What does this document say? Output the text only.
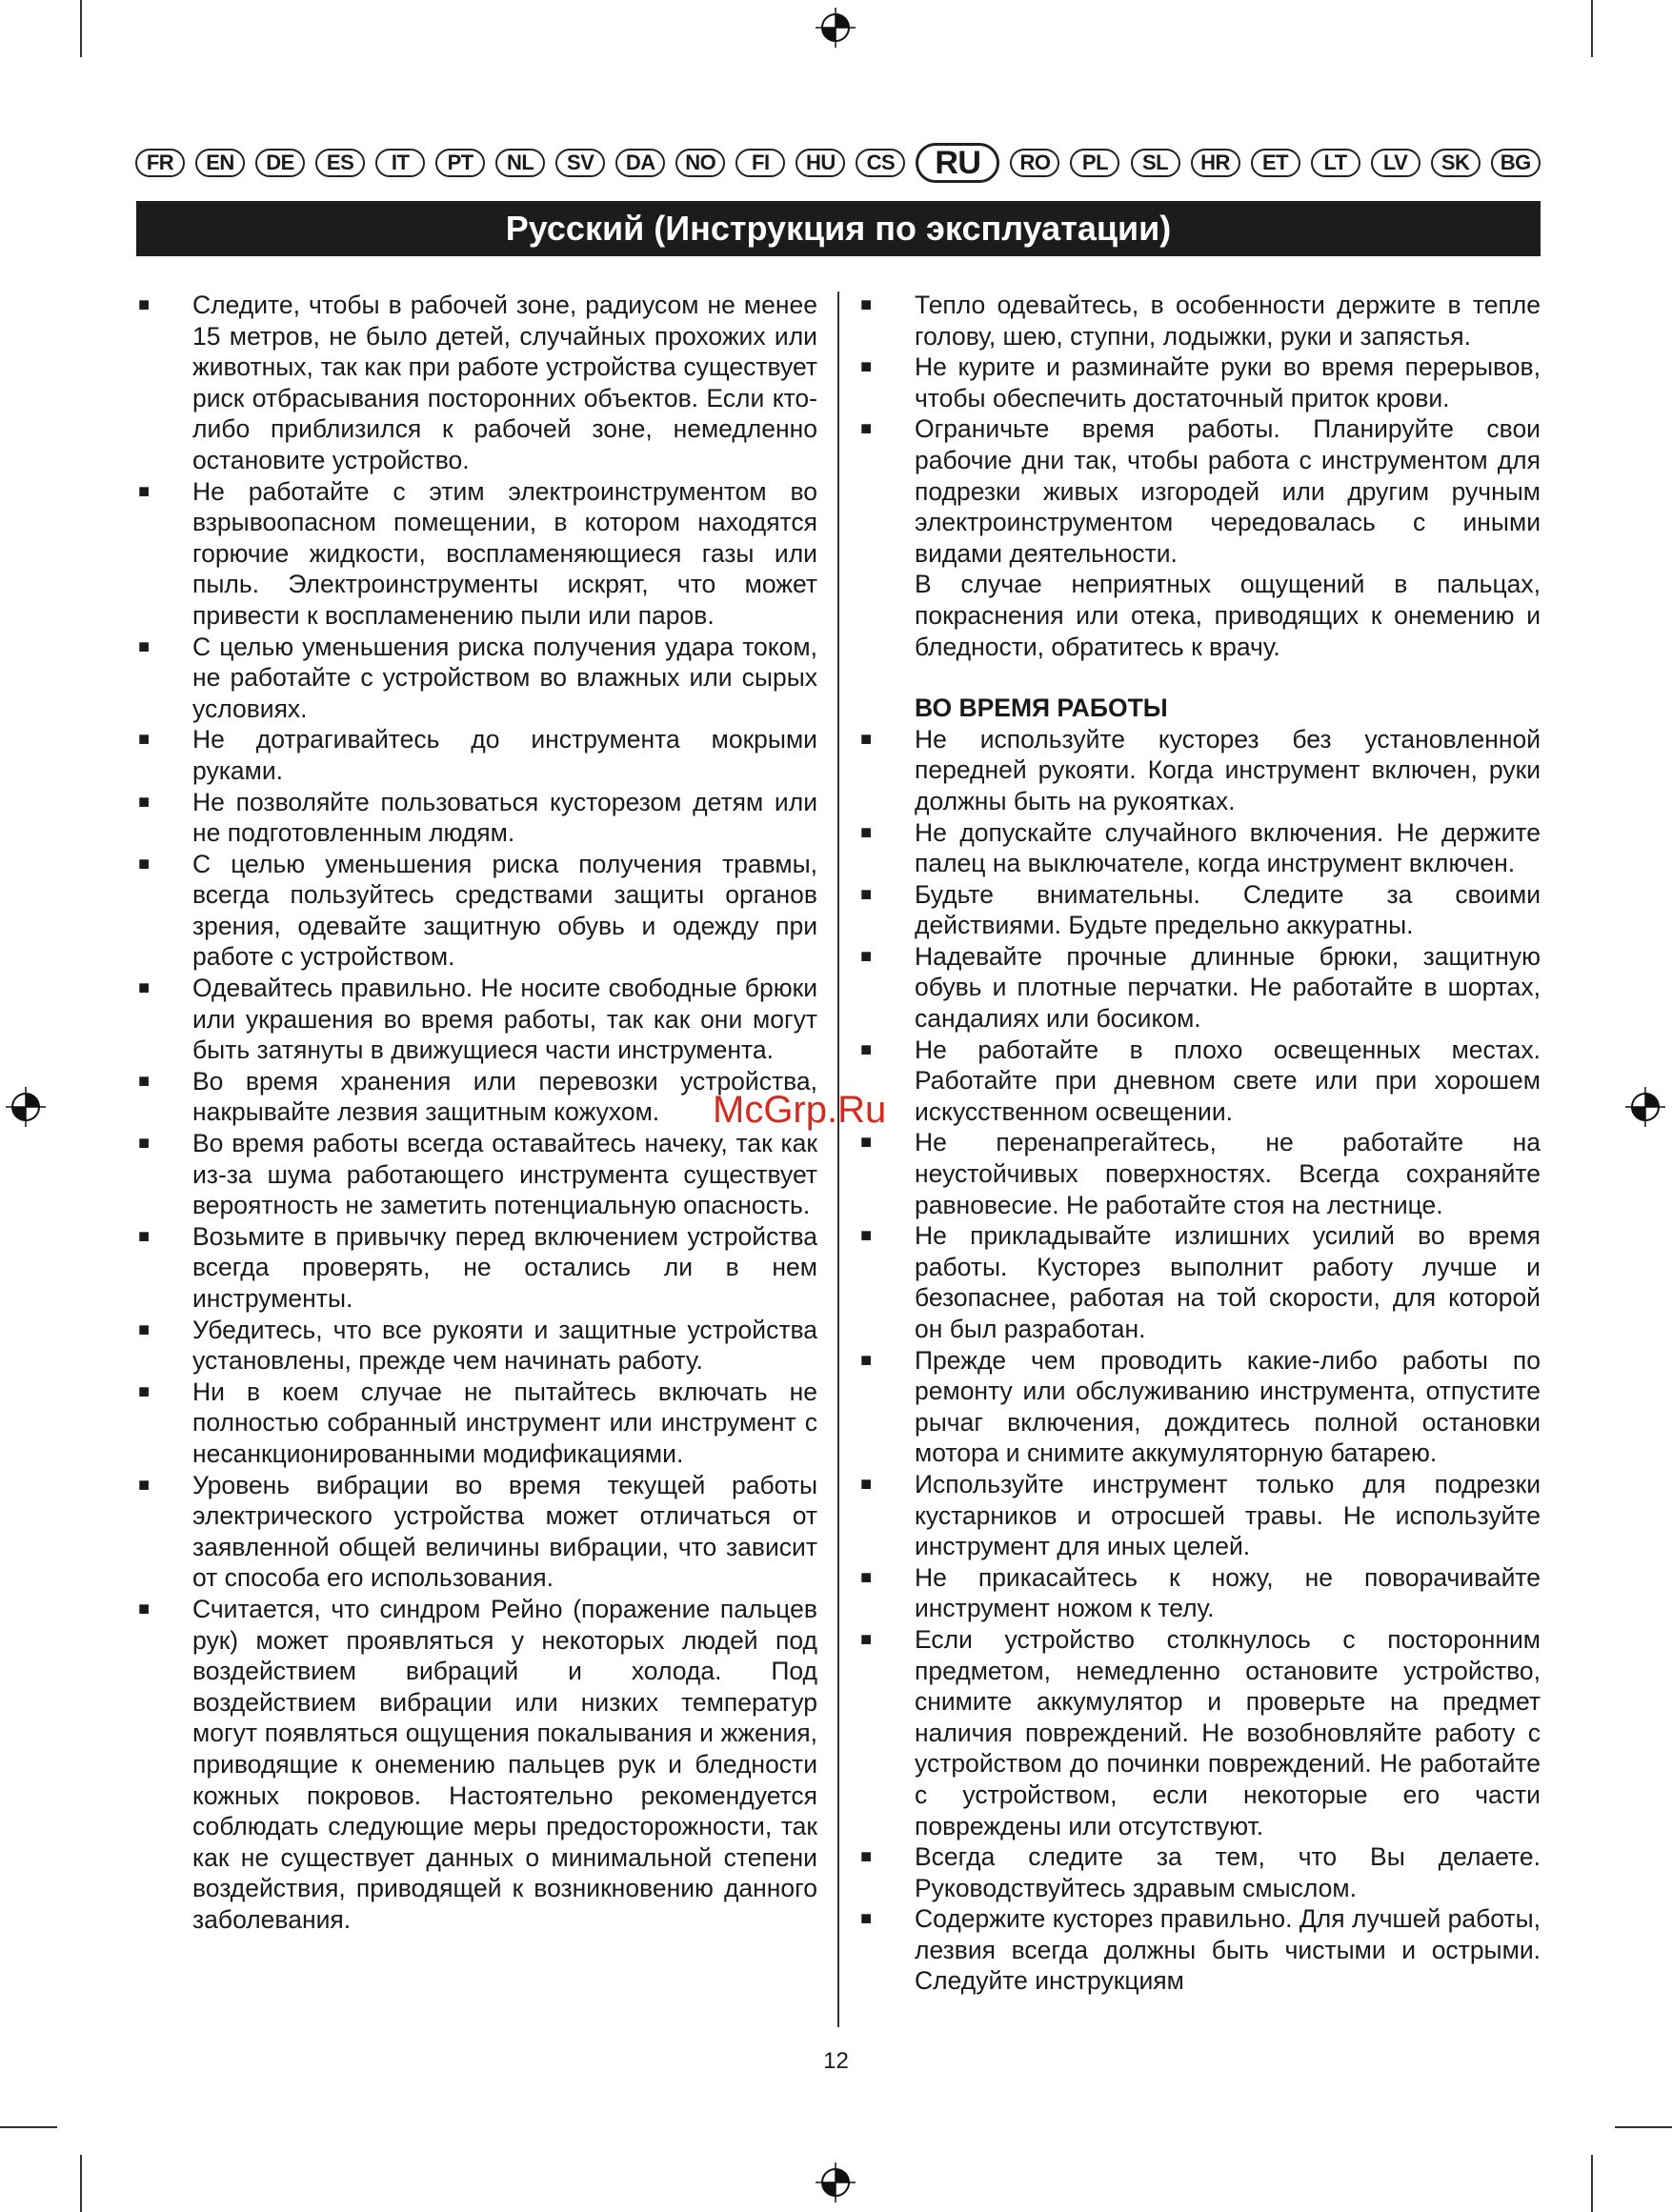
FR	EN	DE	ES	IT	PT	NL	SV	DA	NO	FI	HU	CS	RU	RO	PL	SL	HR	ET	LT	LV	SK	BG
Русский (Инструкция по эксплуатации)
■ Следите, чтобы в рабочей зоне, радиусом не менее 15 метров, не было детей, случайных прохожих или животных, так как при работе устройства существует риск отбрасывания посторонних объектов. Если кто-либо приблизился к рабочей зоне, немедленно остановите устройство.
■ Не работайте с этим электроинструментом во взрывоопасном помещении, в котором находятся горючие жидкости, воспламеняющиеся газы или пыль. Электроинструменты искрят, что может привести к воспламенению пыли или паров.
■ С целью уменьшения риска получения удара током, не работайте с устройством во влажных или сырых условиях.
■ Не дотрагивайтесь до инструмента мокрыми руками.
■ Не позволяйте пользоваться кусторезом детям или не подготовленным людям.
■ С целью уменьшения риска получения травмы, всегда пользуйтесь средствами защиты органов зрения, одевайте защитную обувь и одежду при работе с устройством.
■ Одевайтесь правильно. Не носите свободные брюки или украшения во время работы, так как они могут быть затянуты в движущиеся части инструмента.
■ Во время хранения или перевозки устройства, накрывайте лезвия защитным кожухом.
■ Во время работы всегда оставайтесь начеку, так как из-за шума работающего инструмента существует вероятность не заметить потенциальную опасность.
■ Возьмите в привычку перед включением устройства всегда проверять, не остались ли в нем инструменты.
■ Убедитесь, что все рукояти и защитные устройства установлены, прежде чем начинать работу.
■ Ни в коем случае не пытайтесь включать не полностью собранный инструмент или инструмент с несанкционированными модификациями.
■ Уровень вибрации во время текущей работы электрического устройства может отличаться от заявленной общей величины вибрации, что зависит от способа его использования.
■ Считается, что синдром Рейно (поражение пальцев рук) может проявляться у некоторых людей под воздействием вибраций и холода. Под воздействием вибрации или низких температур могут появляться ощущения покалывания и жжения, приводящие к онемению пальцев рук и бледности кожных покровов. Настоятельно рекомендуется соблюдать следующие меры предосторожности, так как не существует данных о минимальной степени воздействия, приводящей к возникновению данного заболевания.
■ Тепло одевайтесь, в особенности держите в тепле голову, шею, ступни, лодыжки, руки и запястья.
■ Не курите и разминайте руки во время перерывов, чтобы обеспечить достаточный приток крови.
■ Ограничьте время работы. Планируйте свои рабочие дни так, чтобы работа с инструментом для подрезки живых изгородей или другим ручным электроинструментом чередовалась с иными видами деятельности.
В случае неприятных ощущений в пальцах, покраснения или отека, приводящих к онемению и бледности, обратитесь к врачу.
ВО ВРЕМЯ РАБОТЫ
■ Не используйте кусторез без установленной передней рукояти. Когда инструмент включен, руки должны быть на рукоятках.
■ Не допускайте случайного включения. Не держите палец на выключателе, когда инструмент включен.
■ Будьте внимательны. Следите за своими действиями. Будьте предельно аккуратны.
■ Надевайте прочные длинные брюки, защитную обувь и плотные перчатки. Не работайте в шортах, сандалиях или босиком.
■ Не работайте в плохо освещенных местах. Работайте при дневном свете или при хорошем искусственном освещении.
■ Не перенапрегайтесь, не работайте на неустойчивых поверхностях. Всегда сохраняйте равновесие. Не работайте стоя на лестнице.
■ Не прикладывайте излишних усилий во время работы. Кусторез выполнит работу лучше и безопаснее, работая на той скорости, для которой он был разработан.
■ Прежде чем проводить какие-либо работы по ремонту или обслуживанию инструмента, отпустите рычаг включения, дождитесь полной остановки мотора и снимите аккумуляторную батарею.
■ Используйте инструмент только для подрезки кустарников и отросшей травы. Не используйте инструмент для иных целей.
■ Не прикасайтесь к ножу, не поворачивайте инструмент ножом к телу.
■ Если устройство столкнулось с посторонним предметом, немедленно остановите устройство, снимите аккумулятор и проверьте на предмет наличия повреждений. Не возобновляйте работу с устройством до починки повреждений. Не работайте с устройством, если некоторые его части повреждены или отсутствуют.
■ Всегда следите за тем, что Вы делаете. Руководствуйтесь здравым смыслом.
■ Содержите кусторез правильно. Для лучшей работы, лезвия всегда должны быть чистыми и острыми. Следуйте инструкциям
McGrp.Ru
12
